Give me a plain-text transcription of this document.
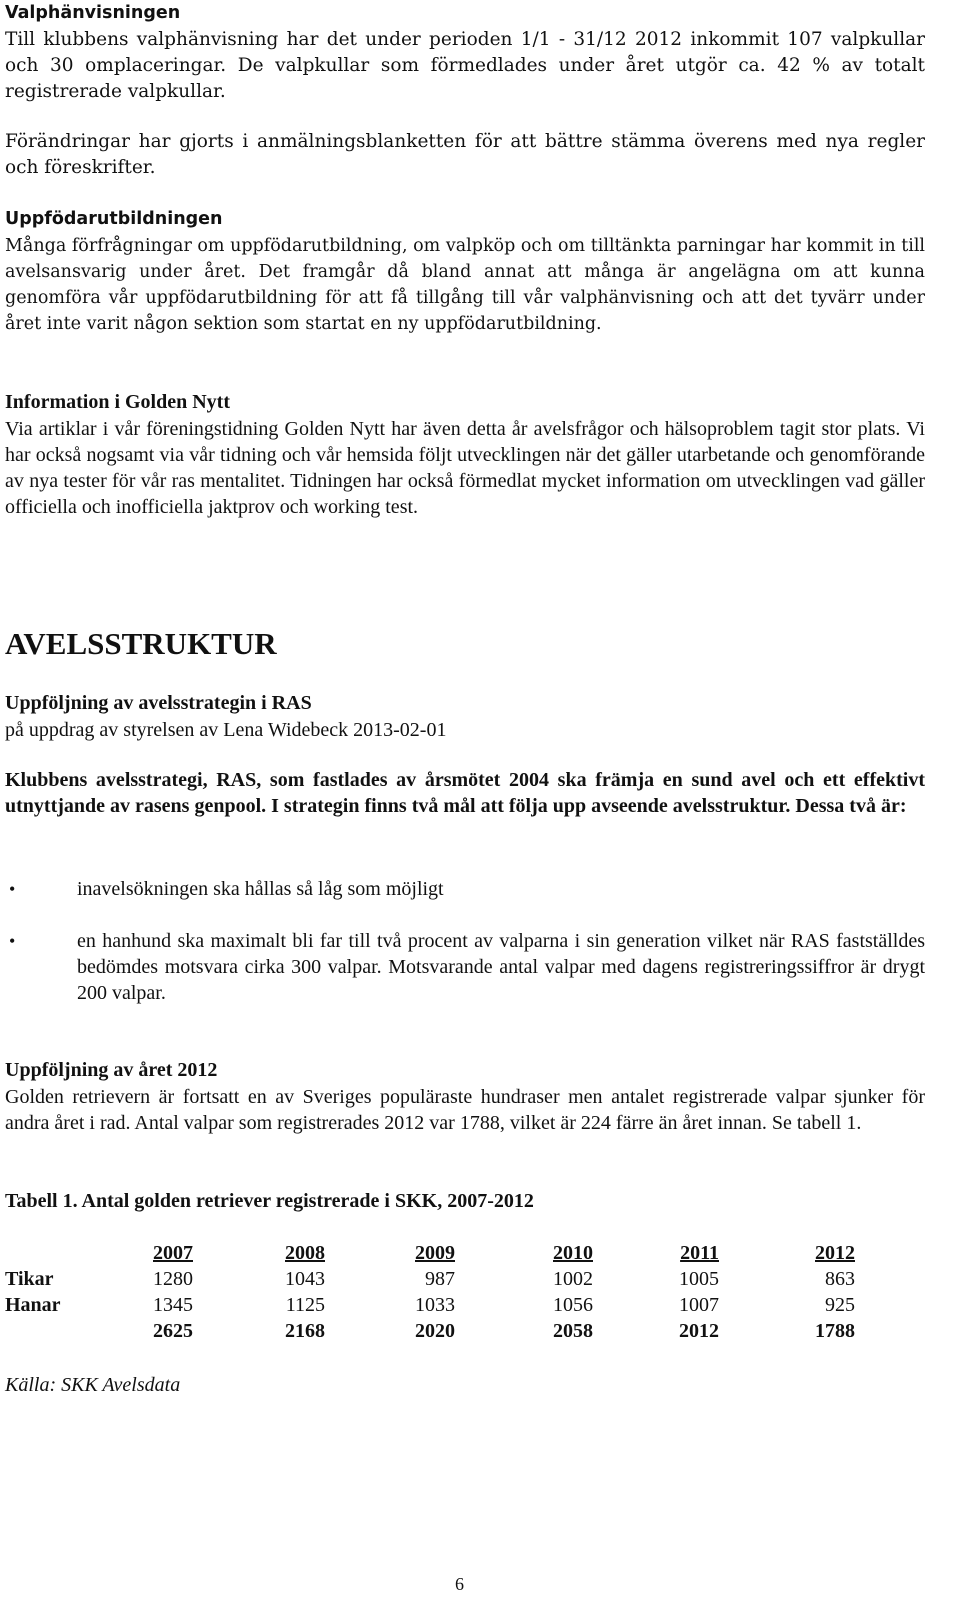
Valphänvisningen

Till klubbens valphänvisning har det under perioden 1/1 - 31/12 2012 inkommit 107 valpkullar och 30 omplaceringar. De valpkullar som förmedlades under året utgör ca. 42 % av totalt registrerade valpkullar.

Förändringar har gjorts i anmälningsblanketten för att bättre stämma överens med nya regler och föreskrifter.

Uppfödarutbildningen

Många förfrågningar om uppfödarutbildning, om valpköp och om tilltänkta parningar har kommit in till avelsansvarig under året. Det framgår då bland annat att många är angelägna om att kunna genomföra vår uppfödarutbildning för att få tillgång till vår valphänvisning och att det tyvärr under året inte varit någon sektion som startat en ny uppfödarutbildning.

Information i Golden Nytt

Via artiklar i vår föreningstidning Golden Nytt har även detta år avelsfrågor och hälsoproblem tagit stor plats. Vi har också nogsamt via vår tidning och vår hemsida följt utvecklingen när det gäller utarbetande och genomförande av nya tester för vår ras mentalitet. Tidningen har också förmedlat mycket information om utvecklingen vad gäller officiella och inofficiella jaktprov och working test.

AVELSSTRUKTUR

Uppföljning av avelsstrategin i RAS

på uppdrag av styrelsen av Lena Widebeck 2013-02-01

Klubbens avelsstrategi, RAS, som fastlades av årsmötet 2004 ska främja en sund avel och ett effektivt utnyttjande av rasens genpool. I strategin finns två mål att följa upp avseende avelsstruktur. Dessa två är:

•	inavelsökningen ska hållas så låg som möjligt
•	en hanhund ska maximalt bli far till två procent av valparna i sin generation vilket när RAS fastställdes bedömdes motsvara cirka 300 valpar. Motsvarande antal valpar med dagens registreringssiffror är drygt 200 valpar.

Uppföljning av året 2012

Golden retrievern är fortsatt en av Sveriges populäraste hundraser men antalet registrerade valpar sjunker för andra året i rad. Antal valpar som registrerades 2012 var 1788, vilket är 224 färre än året innan. Se tabell 1.

Tabell 1. Antal golden retriever registrerade i SKK, 2007-2012

	2007	2008	2009	2010	2011	2012
Tikar	1280	1043	987	1002	1005	863
Hanar	1345	1125	1033	1056	1007	925
	2625	2168	2020	2058	2012	1788

Källa: SKK Avelsdata

6
